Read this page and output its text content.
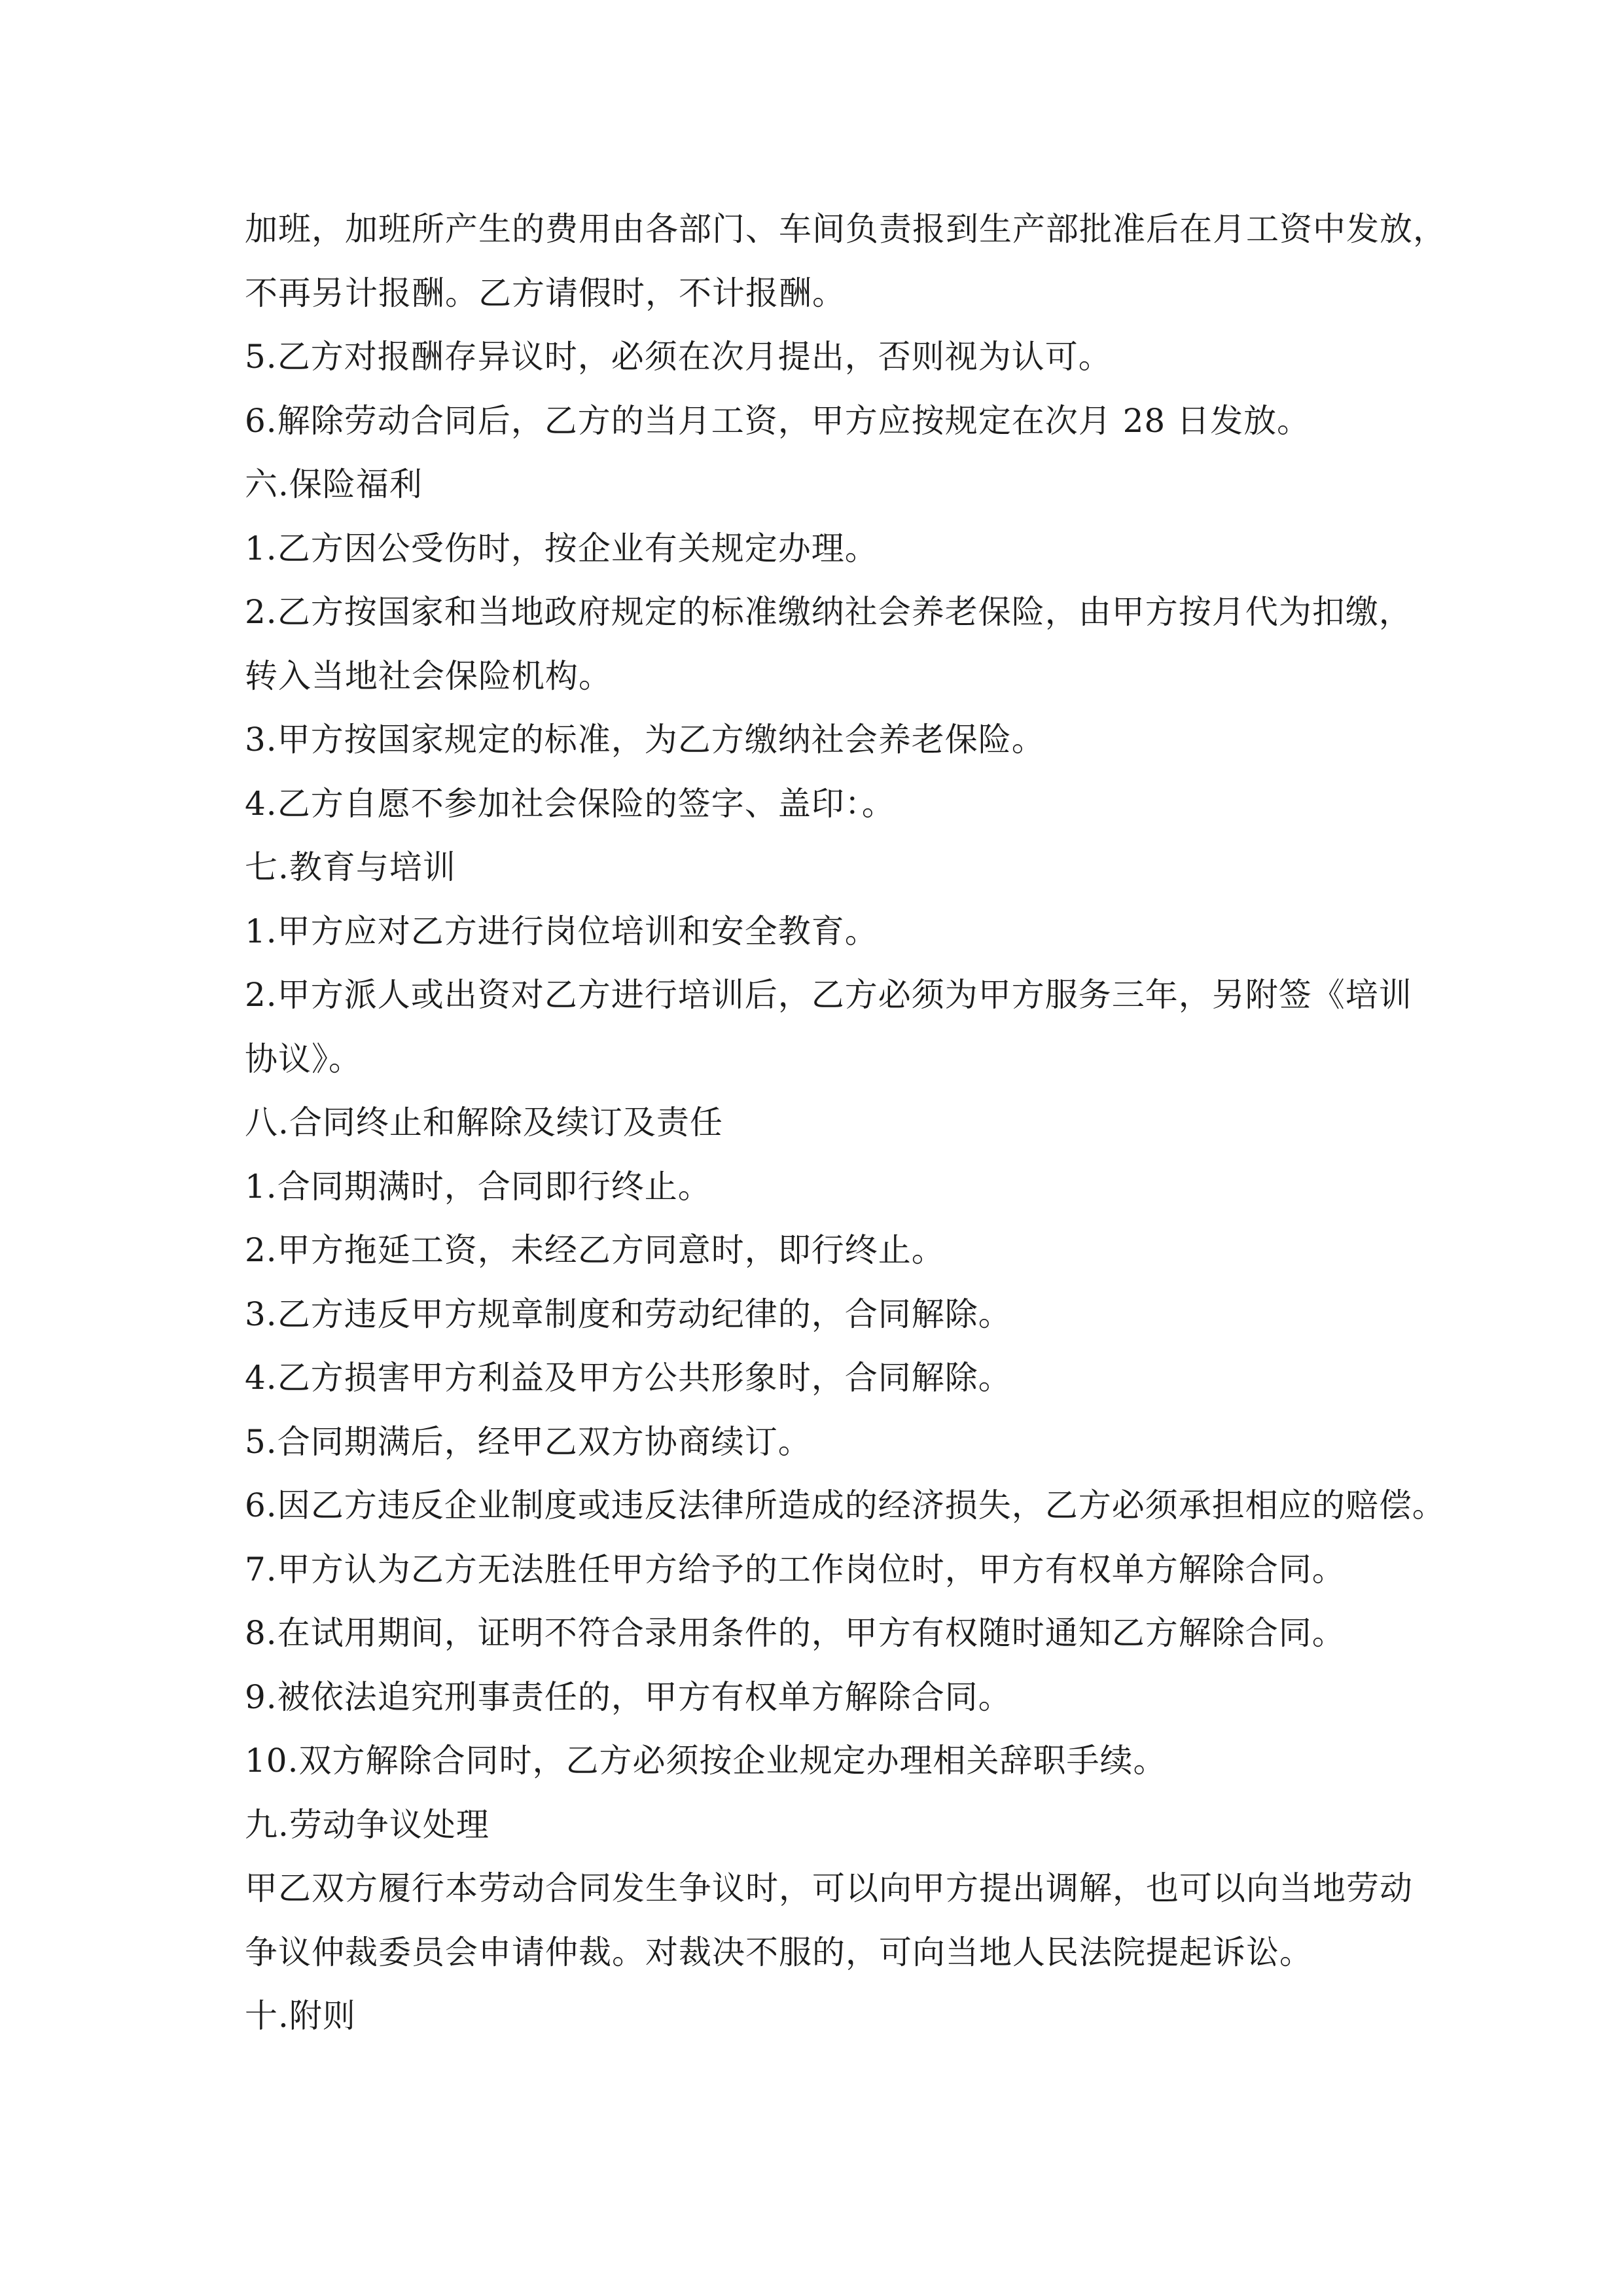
加班，加班所产生的费用由各部门、车间负责报到生产部批准后在月工资中发放，
不再另计报酬。乙方请假时，不计报酬。
5.乙方对报酬存异议时，必须在次月提出，否则视为认可。
6.解除劳动合同后，乙方的当月工资，甲方应按规定在次月 28 日发放。
六.保险福利
1.乙方因公受伤时，按企业有关规定办理。
2.乙方按国家和当地政府规定的标准缴纳社会养老保险，由甲方按月代为扣缴，
转入当地社会保险机构。
3.甲方按国家规定的标准，为乙方缴纳社会养老保险。
4.乙方自愿不参加社会保险的签字、盖印：。
七.教育与培训
1.甲方应对乙方进行岗位培训和安全教育。
2.甲方派人或出资对乙方进行培训后，乙方必须为甲方服务三年，另附签《培训
协议》。
八.合同终止和解除及续订及责任
1.合同期满时，合同即行终止。
2.甲方拖延工资，未经乙方同意时，即行终止。
3.乙方违反甲方规章制度和劳动纪律的，合同解除。
4.乙方损害甲方利益及甲方公共形象时，合同解除。
5.合同期满后，经甲乙双方协商续订。
6.因乙方违反企业制度或违反法律所造成的经济损失，乙方必须承担相应的赔偿。
7.甲方认为乙方无法胜任甲方给予的工作岗位时，甲方有权单方解除合同。
8.在试用期间，证明不符合录用条件的，甲方有权随时通知乙方解除合同。
9.被依法追究刑事责任的，甲方有权单方解除合同。
10.双方解除合同时，乙方必须按企业规定办理相关辞职手续。
九.劳动争议处理
甲乙双方履行本劳动合同发生争议时，可以向甲方提出调解，也可以向当地劳动
争议仲裁委员会申请仲裁。对裁决不服的，可向当地人民法院提起诉讼。
十.附则
